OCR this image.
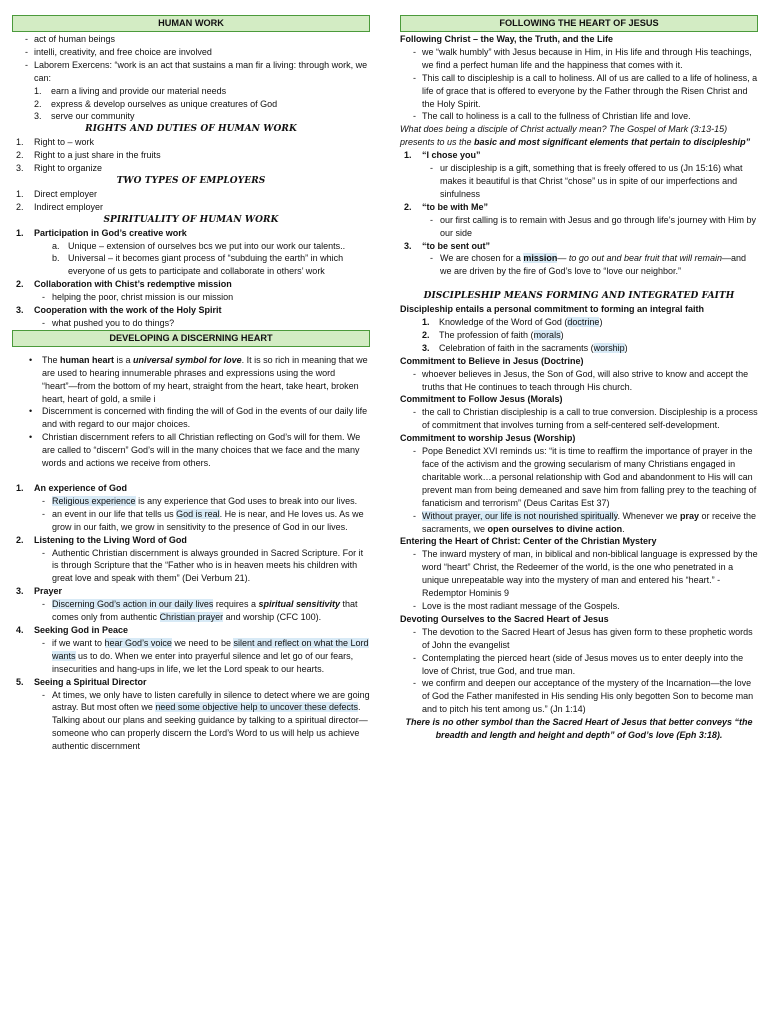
HUMAN WORK
- act of human beings
- intelli, creativity, and free choice are involved
- Laborem Exercens: “work is an act that sustains a man fir a living: through work, we can:
1. earn a living and provide our material needs
2. express & develop ourselves as unique creatures of God
3. serve our community
RIGHTS AND DUTIES OF HUMAN WORK
1. Right to – work
2. Right to a just share in the fruits
3. Right to organize
TWO TYPES OF EMPLOYERS
1. Direct employer
2. Indirect employer
SPIRITUALITY OF HUMAN WORK
1. Participation in God’s creative work
a. Unique – extension of ourselves bcs we put into our work our talents..
b. Universal – it becomes giant process of “subduing the earth” in which everyone of us gets to participate and collaborate in others’ work
2. Collaboration with Chist’s redemptive mission
- helping the poor, christ mission is our mission
3. Cooperation with the work of the Holy Spirit
- what pushed you to do things?
DEVELOPING A DISCERNING HEART
• The human heart is a universal symbol for love. It is so rich in meaning that we are used to hearing innumerable phrases and expressions using the word “heart”—from the bottom of my heart, straight from the heart, take heart, broken heart, heart of gold, a smile i
• Discernment is concerned with finding the will of God in the events of our daily life and with regard to our major choices.
• Christian discernment refers to all Christian reflecting on God’s will for them. We are called to “discern” God’s will in the many choices that we face and the many words and actions we receive from others.
1. An experience of God
- Religious experience is any experience that God uses to break into our lives.
- an event in our life that tells us God is real. He is near, and He loves us. As we grow in our faith, we grow in sensitivity to the presence of God in our lives.
2. Listening to the Living Word of God
- Authentic Christian discernment is always grounded in Sacred Scripture. For it is through Scripture that the “Father who is in heaven meets his children with great love and speak with them” (Dei Verbum 21).
3. Prayer
- Discerning God’s action in our daily lives requires a spiritual sensitivity that comes only from authentic Christian prayer and worship (CFC 100).
4. Seeking God in Peace
- if we want to hear God’s voice we need to be silent and reflect on what the Lord wants us to do. When we enter into prayerful silence and let go of our fears, insecurities and hang-ups in life, we let the Lord speak to our hearts.
5. Seeing a Spiritual Director
- At times, we only have to listen carefully in silence to detect where we are going astray. But most often we need some objective help to uncover these defects. Talking about our plans and seeking guidance by talking to a spiritual director—someone who can properly discern the Lord’s Word to us will help us achieve authentic discernment
FOLLOWING THE HEART OF JESUS
Following Christ – the Way, the Truth, and the Life
- we “walk humbly” with Jesus because in Him, in His life and through His teachings, we find a perfect human life and the happiness that comes with it.
- This call to discipleship is a call to holiness. All of us are called to a life of holiness, a life of grace that is offered to everyone by the Father through the Risen Christ and the Holy Spirit.
- The call to holiness is a call to the fullness of Christian life and love.
What does being a disciple of Christ actually mean? The Gospel of Mark (3:13-15) presents to us the basic and most significant elements that pertain to discipleship”
1. “I chose you”
- ur discipleship is a gift, something that is freely offered to us (Jn 15:16) what makes it beautiful is that Christ “chose” us in spite of our imperfections and sinfulness
2. “to be with Me”
- our first calling is to remain with Jesus and go through life’s journey with Him by our side
3. “to be sent out”
- We are chosen for a mission— to go out and bear fruit that will remain—and we are driven by the fire of God’s love to “love our neighbor.”
DISCIPLESHIP MEANS FORMING AND INTEGRATED FAITH
Discipleship entails a personal commitment to forming an integral faith
1. Knowledge of the Word of God (doctrine)
2. The profession of faith (morals)
3. Celebration of faith in the sacraments (worship)
Commitment to Believe in Jesus (Doctrine)
- whoever believes in Jesus, the Son of God, will also strive to know and accept the truths that He continues to teach through His church.
Commitment to Follow Jesus (Morals)
- the call to Christian discipleship is a call to true conversion. Discipleship is a process of commitment that involves turning from a self-centered self-development.
Commitment to worship Jesus (Worship)
- Pope Benedict XVI reminds us: “it is time to reaffirm the importance of prayer in the face of the activism and the growing secularism of many Christians engaged in charitable work…a personal relationship with God and abandonment to His will can prevent man from being demeaned and save him from falling prey to the teaching of fanaticism and terrorism” (Deus Caritas Est 37)
- Without prayer, our life is not nourished spiritually. Whenever we pray or receive the sacraments, we open ourselves to divine action.
Entering the Heart of Christ: Center of the Christian Mystery
- The inward mystery of man, in biblical and non-biblical language is expressed by the word “heart” Christ, the Redeemer of the world, is the one who penetrated in a unique unrepeatable way into the mystery of man and entered his “heart.” - Redemptor Hominis 9
- Love is the most radiant message of the Gospels.
Devoting Ourselves to the Sacred Heart of Jesus
- The devotion to the Sacred Heart of Jesus has given form to these prophetic words of John the evangelist
- Contemplating the pierced heart (side of Jesus moves us to enter deeply into the love of Christ, true God, and true man.
- we confirm and deepen our acceptance of the mystery of the Incarnation—the love of God the Father manifested in His sending His only begotten Son to become man and to pitch his tent among us.” (Jn 1:14)
There is no other symbol than the Sacred Heart of Jesus that better conveys “the breadth and length and height and depth” of God’s love (Eph 3:18).
